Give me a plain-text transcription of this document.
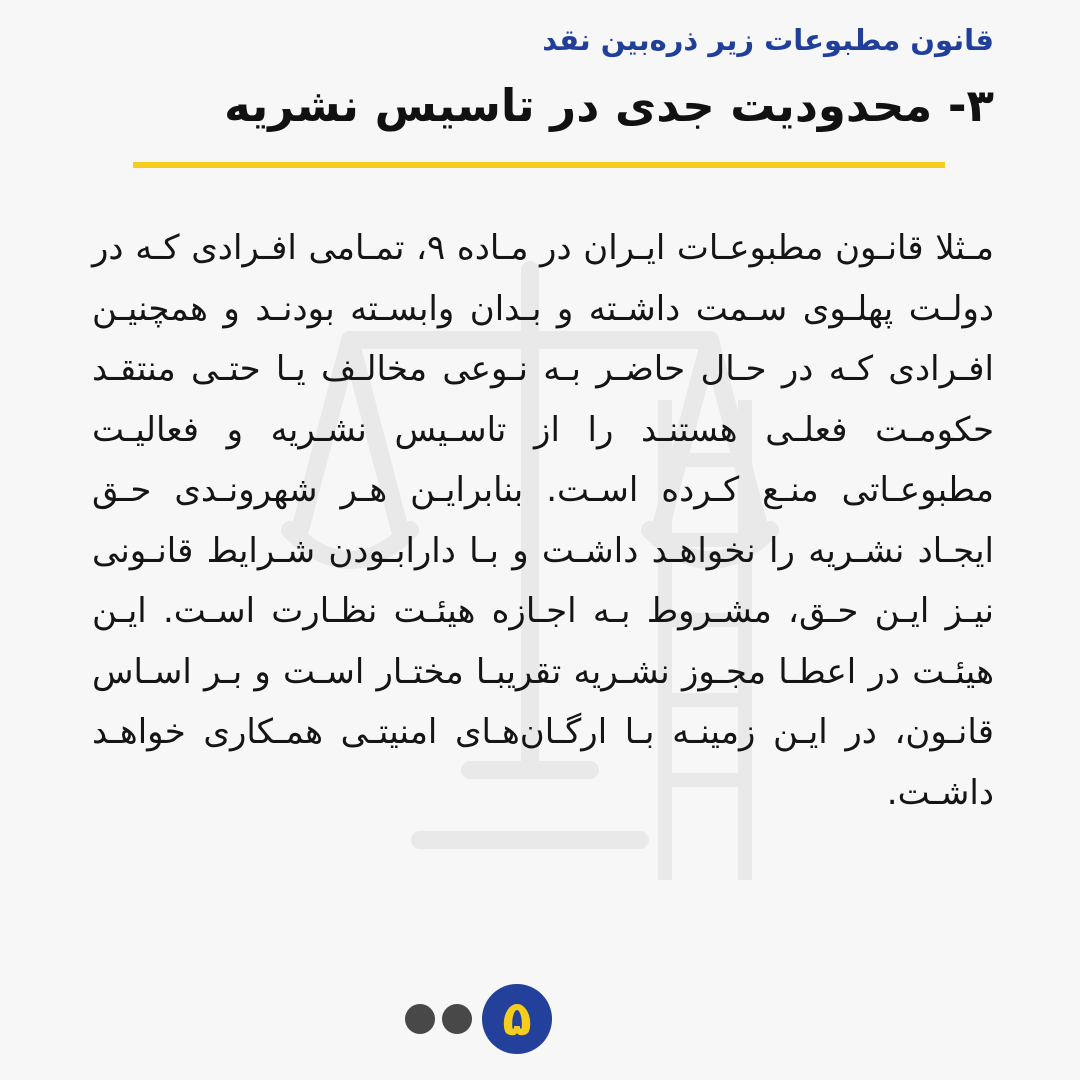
قانون مطبوعات زیر ذره‌بین نقد
۳- محدودیت جدی در تاسیس نشریه

مـثلا قانـون مطبوعـات ایـران در مـاده ۹، تمـامی افـرادی کـه در دولـت پهلـوی سـمت داشـته و بـدان وابسـته بودنـد و همچنیـن افـرادی کـه در حـال حاضـر بـه نـوعی مخالـف یـا حتـی منتقـد حکومـت فعلـی هستنـد را از تاسـیس نشـریه و فعالیـت مطبوعـاتی منـع کـرده اسـت. بنابرایـن هـر شهرونـدی حـق ایجـاد نشـریه را نخواهـد داشـت و بـا دارابـودن شـرایط قانـونی نیـز ایـن حـق، مشـروط بـه اجـازه هیئـت نظـارت اسـت. ایـن هیئـت در اعطـا مجـوز نشـریه تقریبـا مختـار اسـت و بـر اسـاس قانـون، در ایـن زمینـه بـا ارگـان‌هـای امنیتـی همـکاری خواهـد داشـت.

۵
